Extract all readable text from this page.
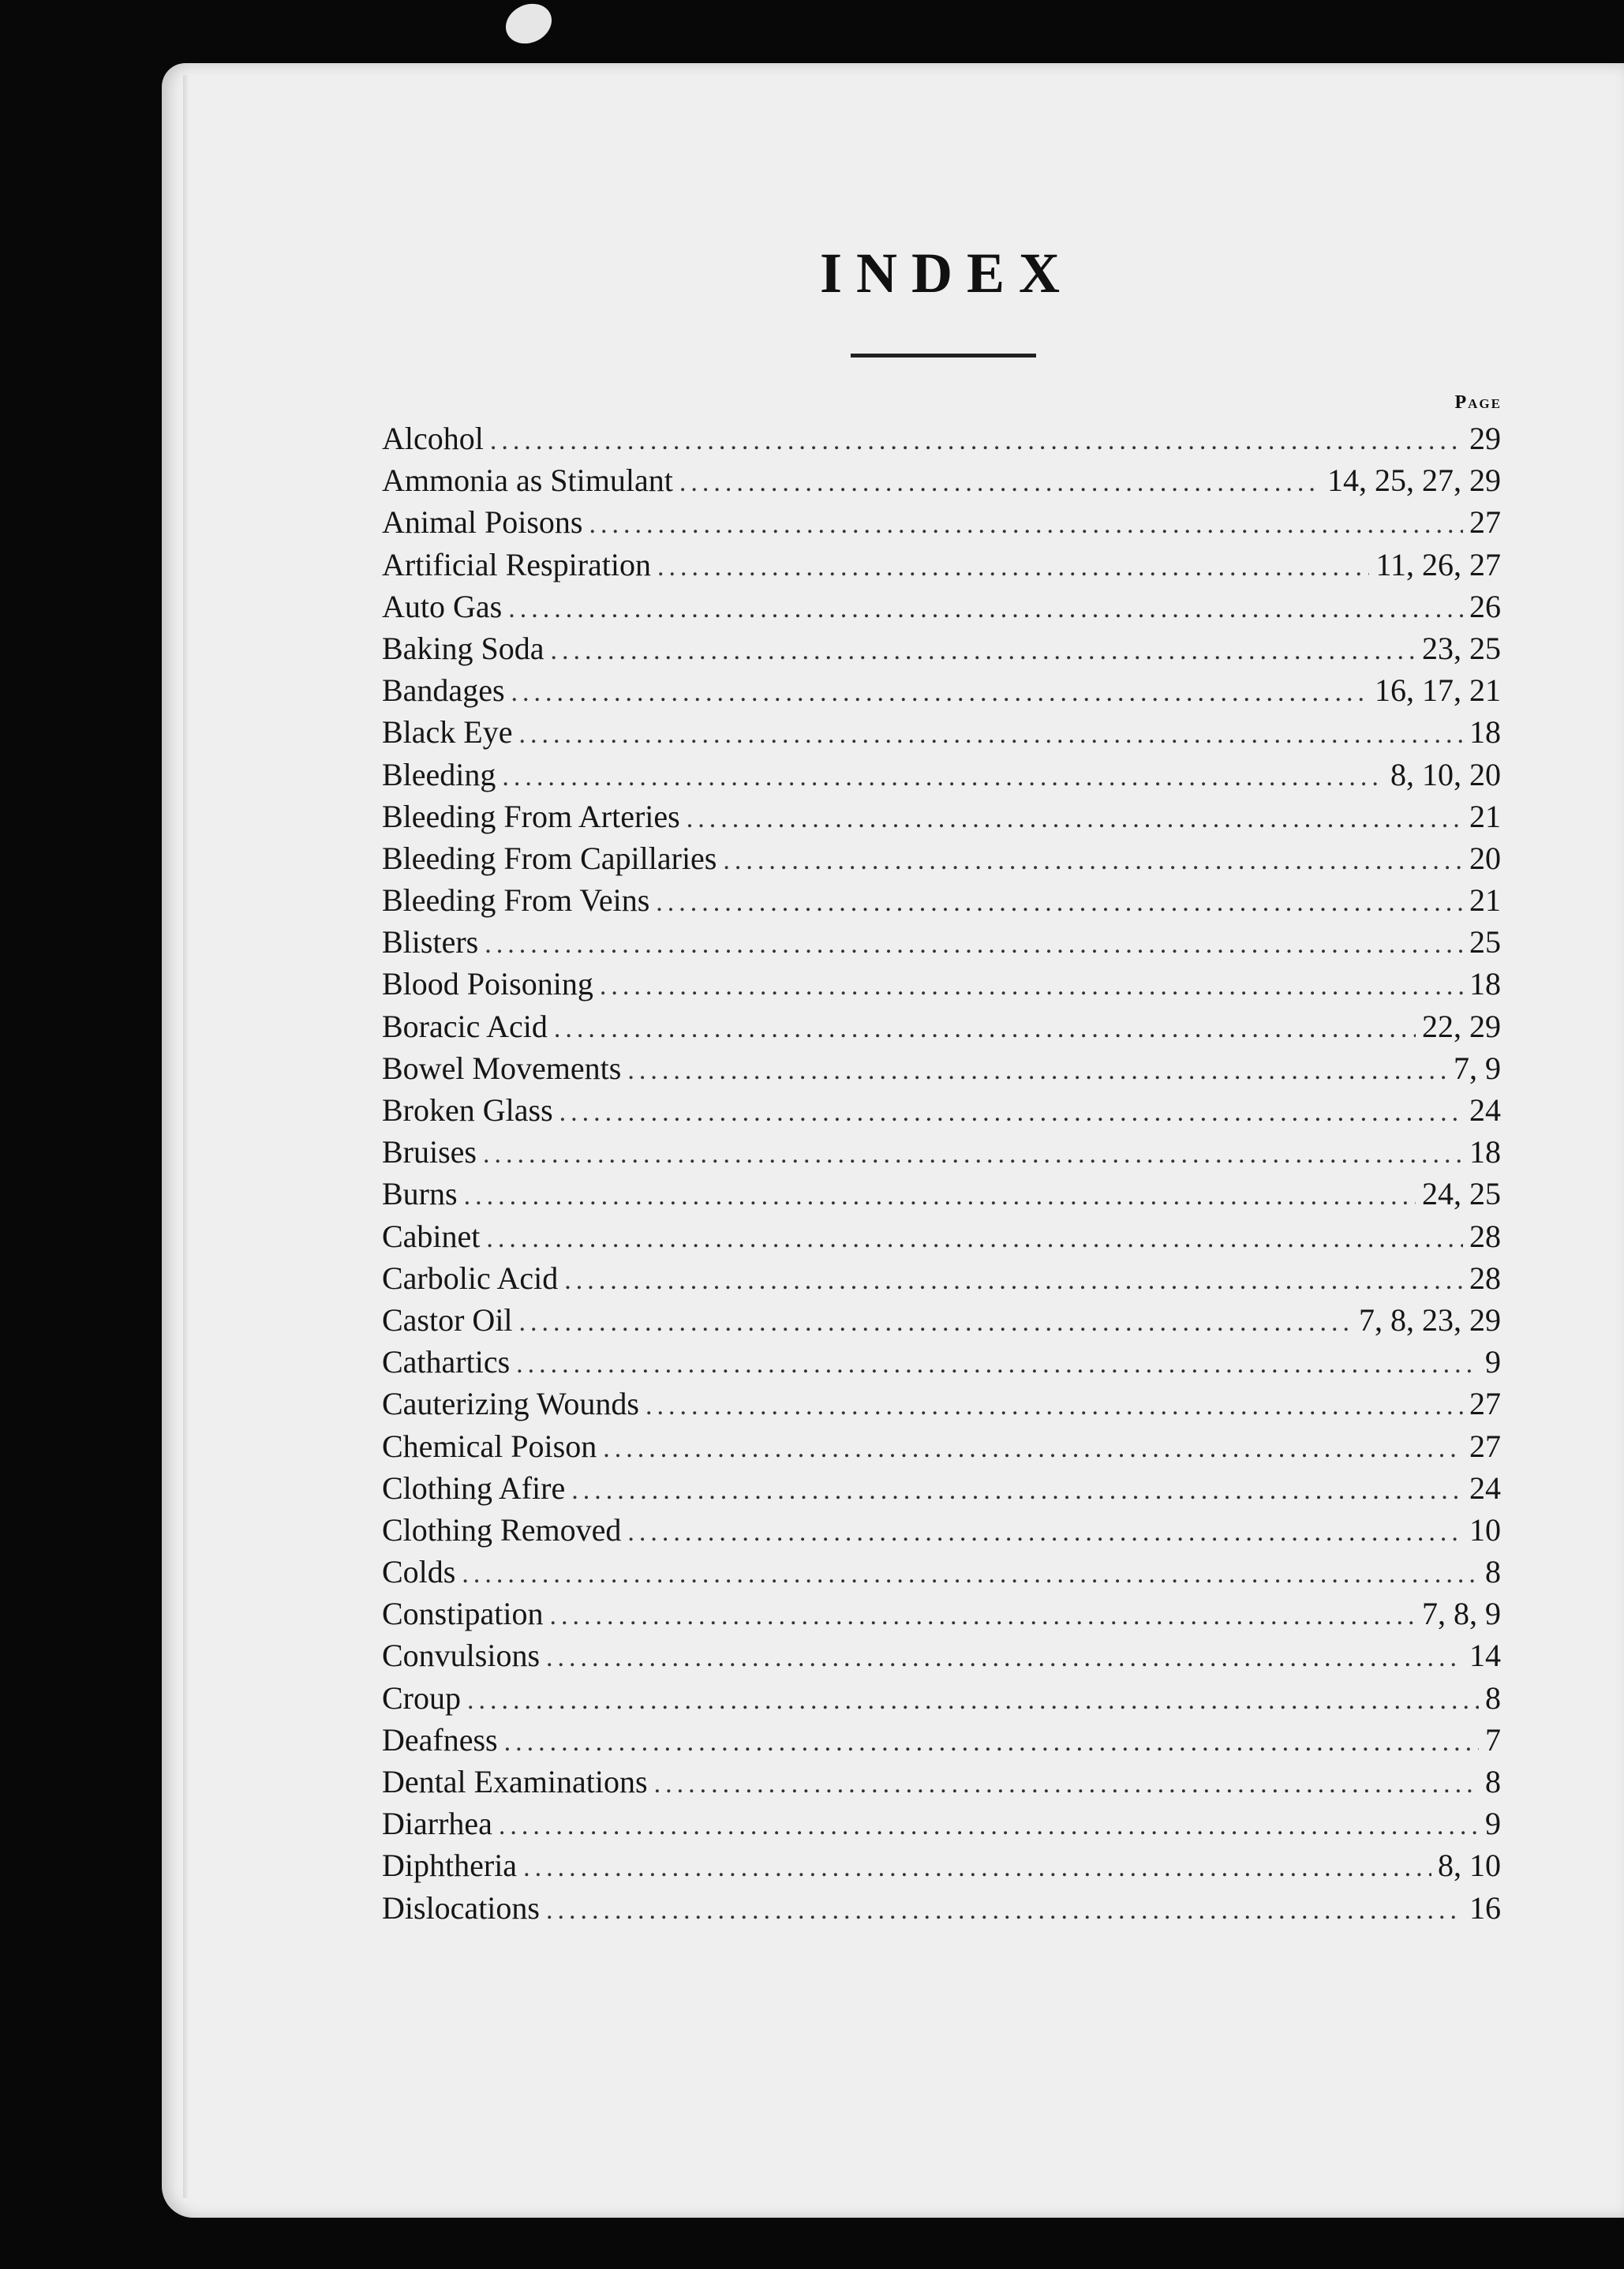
INDEX
Page
Alcohol .....	29
Ammonia as Stimulant .....	14, 25, 27, 29
Animal Poisons .....	27
Artificial Respiration .....	11, 26, 27
Auto Gas .....	26
Baking Soda .....	23, 25
Bandages .....	16, 17, 21
Black Eye .....	18
Bleeding .....	8, 10, 20
Bleeding From Arteries .....	21
Bleeding From Capillaries .....	20
Bleeding From Veins .....	21
Blisters .....	25
Blood Poisoning .....	18
Boracic Acid .....	22, 29
Bowel Movements .....	7, 9
Broken Glass .....	24
Bruises .....	18
Burns .....	24, 25
Cabinet .....	28
Carbolic Acid .....	28
Castor Oil .....	7, 8, 23, 29
Cathartics .....	9
Cauterizing Wounds .....	27
Chemical Poison .....	27
Clothing Afire .....	24
Clothing Removed .....	10
Colds .....	8
Constipation .....	7, 8, 9
Convulsions .....	14
Croup .....	8
Deafness .....	7
Dental Examinations .....	8
Diarrhea .....	9
Diphtheria .....	8, 10
Dislocations .....	16
